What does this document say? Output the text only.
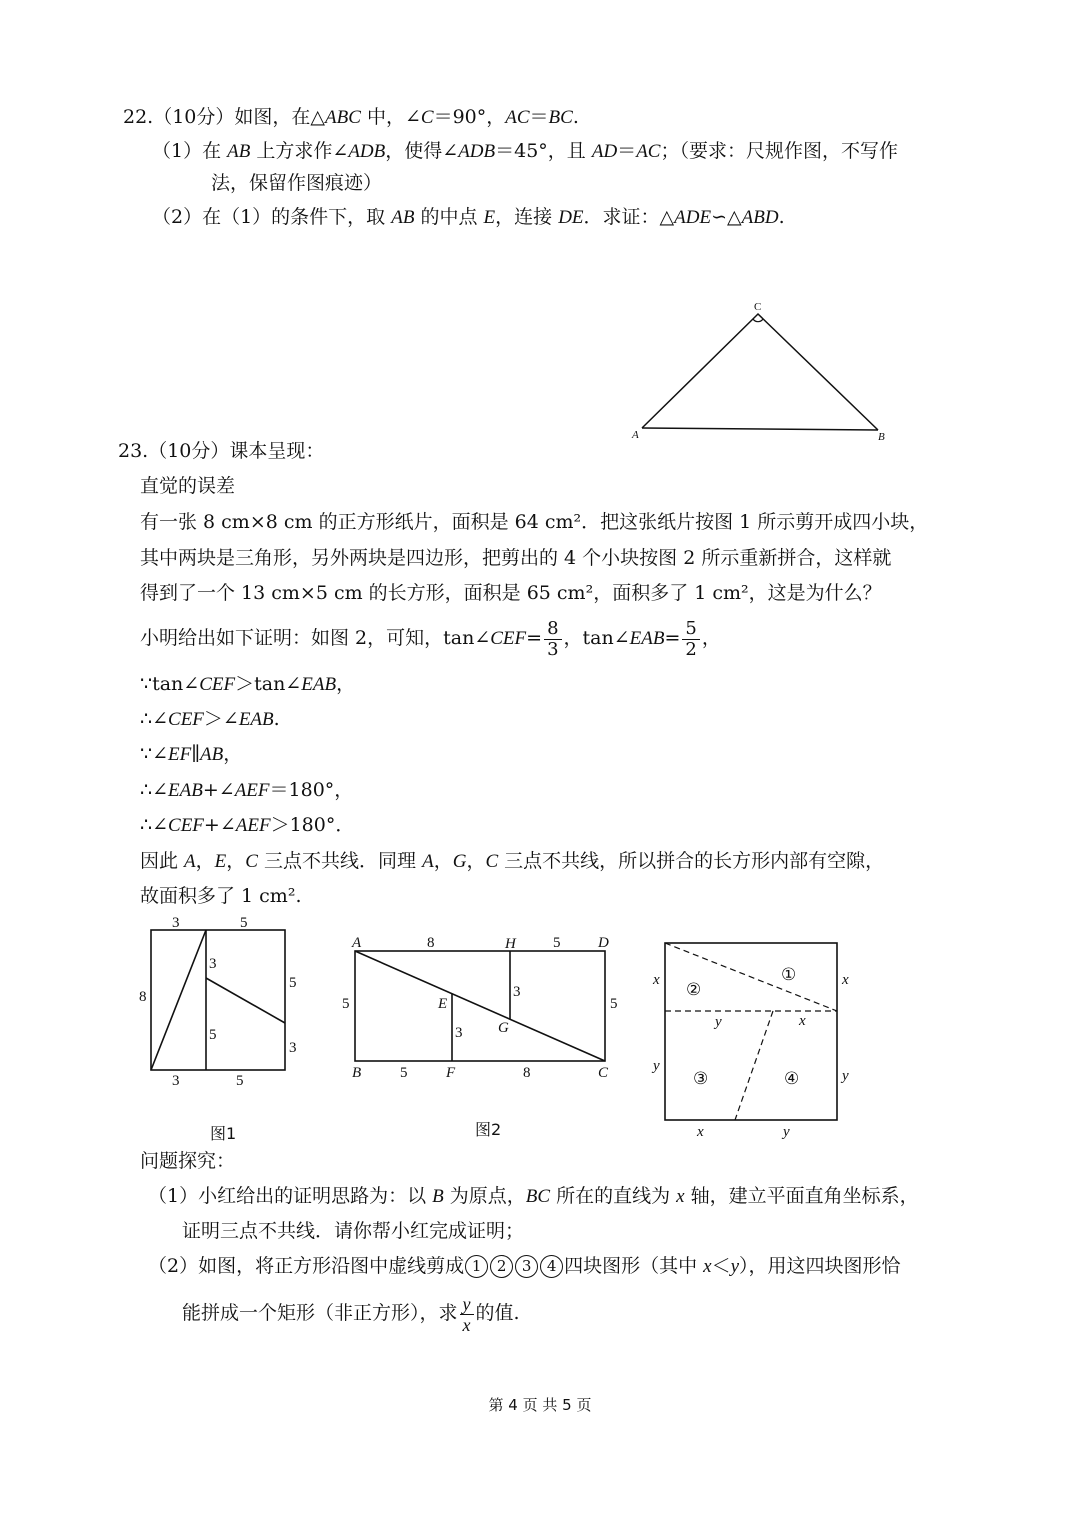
22.（10分）如图，在△ABC 中，∠C＝90°，AC＝BC.
（1）在 AB 上方求作∠ADB，使得∠ADB＝45°，且 AD＝AC；（要求：尺规作图，不写作
法，保留作图痕迹）
（2）在（1）的条件下，取 AB 的中点 E，连接 DE．求证：△ADE∽△ABD.
C
A	B
23.（10分）课本呈现：
直觉的误差
有一张 8 cm×8 cm 的正方形纸片，面积是 64 cm²．把这张纸片按图 1 所示剪开成四小块，
其中两块是三角形，另外两块是四边形，把剪出的 4 个小块按图 2 所示重新拼合，这样就
得到了一个 13 cm×5 cm 的长方形，面积是 65 cm²，面积多了 1 cm²，这是为什么？
小明给出如下证明：如图 2，可知，tan∠CEF= $\frac{8}{3}$ ，tan∠EAB= $\frac{5}{2}$ ，
∵tan∠CEF＞tan∠EAB，
∴∠CEF＞∠EAB.
∵∠EF∥AB，
∴∠EAB+∠AEF＝180°，
∴∠CEF+∠AEF＞180°．
因此 A，E，C 三点不共线．同理 A，G，C 三点不共线，所以拼合的长方形内部有空隙，
故面积多了 1 cm².
3	5
8
3
5
5
3
3	5
图1
A	8	H 5	D
5	5
E
3
G
3
B	5	F	8	C
图2
x	x
y
y
y	x
x	y
①
②
③	④
问题探究：
（1）小红给出的证明思路为：以 B 为原点，BC 所在的直线为 x 轴，建立平面直角坐标系，
证明三点不共线．请你帮小红完成证明；
（2）如图，将正方形沿图中虚线剪成 1 2 3 4 四块图形（其中 x＜y），用这四块图形恰
能拼成一个矩形（非正方形），求 $\frac{y}{x}$ 的值.
第 4 页 共 5 页
